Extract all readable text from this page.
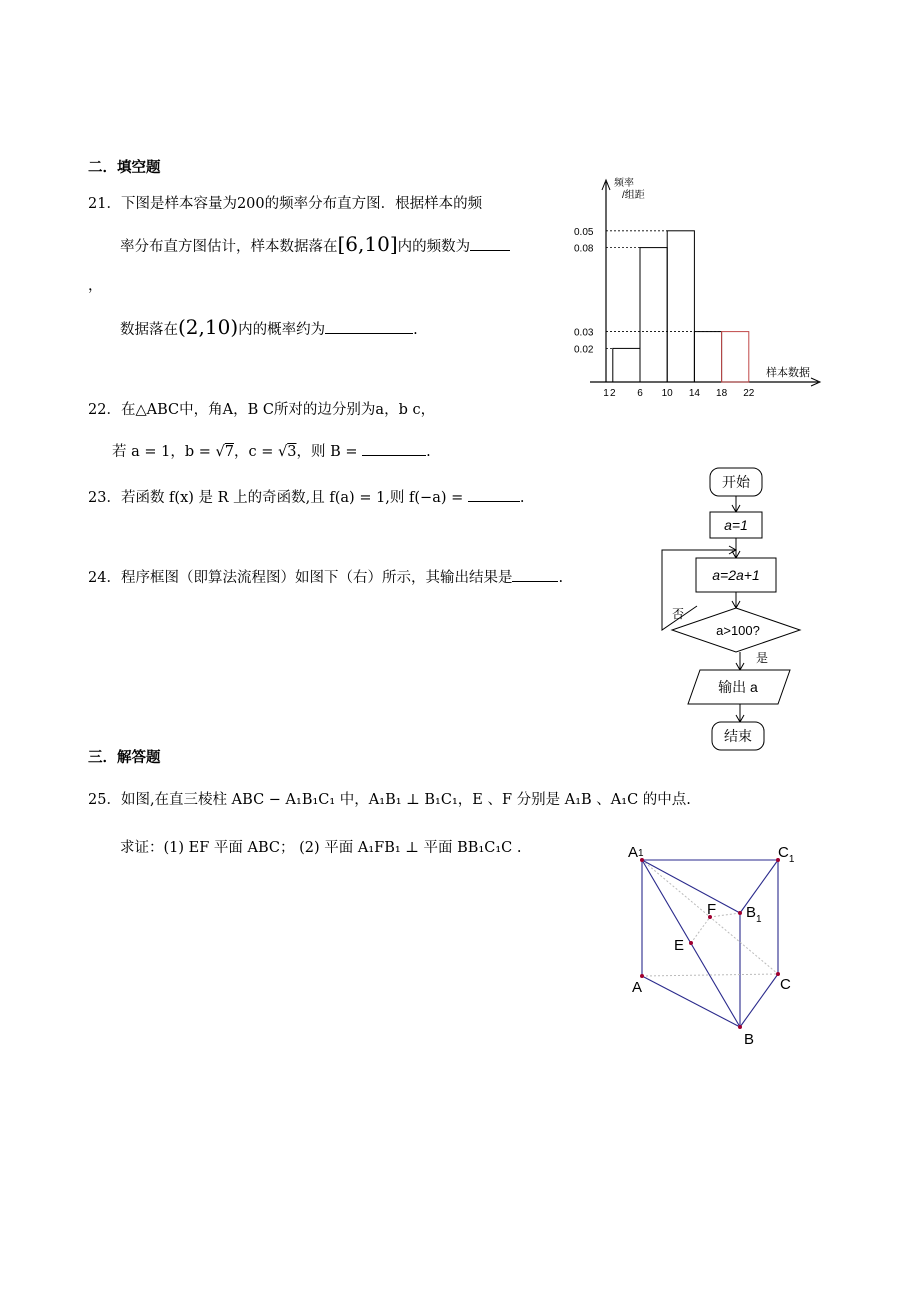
二．填空题
21．下图是样本容量为200的频率分布直方图．根据样本的频
率分布直方图估计，样本数据落在[6,10]内的频数为
，
数据落在(2,10)内的概率约为	.
0.05
0.08
0.03
0.02
1 2 6 10 14 18 22
频率
/组距
样本数据
22．在△ABC中，角A，B C所对的边分别为a，b c，
若 a = 1，b = √7，c = √3，则 B =	.
23．若函数 f(x) 是 R 上的奇函数,且 f(a) = 1,则 f(−a) =	.
24．程序框图（即算法流程图）如图下（右）所示，其输出结果是	.
开始
a=1
a=2a+1
a>100?
否
是
输出 a
结束
三．解答题
25．如图,在直三棱柱 ABC − A₁B₁C₁ 中，A₁B₁ ⊥ B₁C₁，E 、F 分别是 A₁B 、A₁C 的中点.
求证：(1) EF 平面 ABC； (2) 平面 A₁FB₁ ⊥ 平面 BB₁C₁C .	A1	$C_1$
$B_1$
F
E
A	C
B
